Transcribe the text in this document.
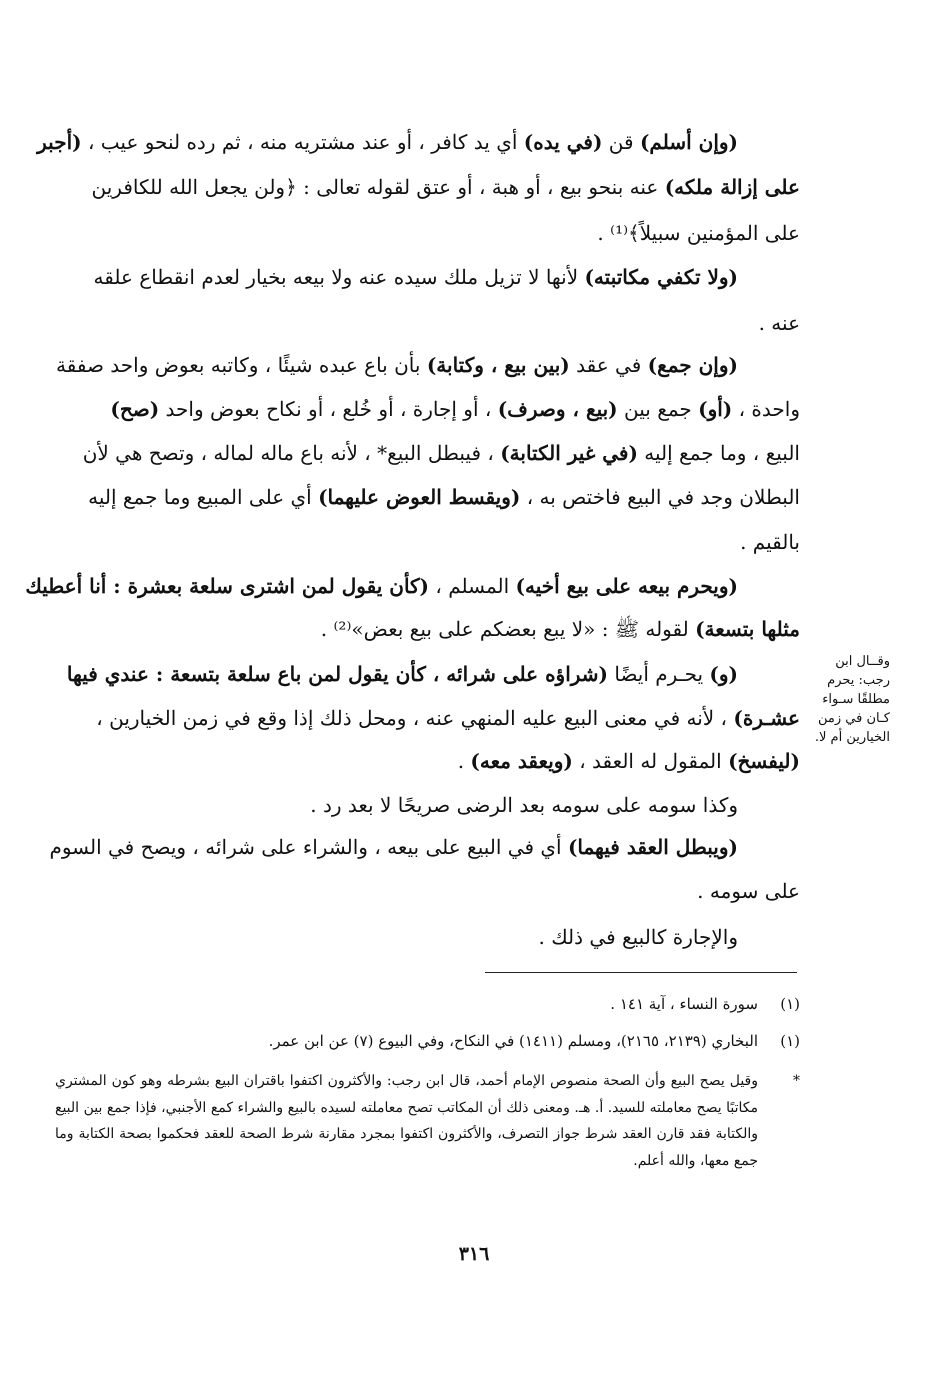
(وإن أسلم) قن (في يده) أي يد كافر ، أو عند مشتريه منه ، ثم رده لنحو عيب ، (أجبر
على إزالة ملكه) عنه بنحو بيع ، أو هبة ، أو عتق لقوله تعالى : ﴿ولن يجعل الله للكافرين
على المؤمنين سبيلاً﴾⁽¹⁾ .
(ولا تكفي مكاتبته) لأنها لا تزيل ملك سيده عنه ولا بيعه بخيار لعدم انقطاع علقه
عنه .
(وإن جمع) في عقد (بين بيع ، وكتابة) بأن باع عبده شيئًا ، وكاتبه بعوض واحد صفقة
واحدة ، (أو) جمع بين (بيع ، وصرف) ، أو إجارة ، أو خُلع ، أو نكاح بعوض واحد (صح)
البيع ، وما جمع إليه (في غير الكتابة) ، فيبطل البيع* ، لأنه باع ماله لماله ، وتصح هي لأن
البطلان وجد في البيع فاختص به ، (ويقسط العوض عليهما) أي على المبيع وما جمع إليه
بالقيم .
(ويحرم بيعه على بيع أخيه) المسلم ، (كأن يقول لمن اشترى سلعة بعشرة : أنا أعطيك
مثلها بتسعة) لقوله ﷺ : «لا يبع بعضكم على بيع بعض»⁽²⁾ .
(و) يحـرم أيضًا (شراؤه على شرائه ، كأن يقول لمن باع سلعة بتسعة : عندي فيها
عشـرة) ، لأنه في معنى البيع عليه المنهي عنه ، ومحل ذلك إذا وقع في زمن الخيارين ،
(ليفسخ) المقول له العقد ، (ويعقد معه) .
وكذا سومه على سومه بعد الرضى صريحًا لا بعد رد .
(ويبطل العقد فيهما) أي في البيع على بيعه ، والشراء على شرائه ، ويصح في السوم
على سومه .
والإجارة كالبيع في ذلك .
وقــال ابن رجب: يحرم مطلقًا سـواء كـان في زمن الخيارين أم لا.
(١)سورة النساء ، آية ١٤١ .
(١)البخاري (٢١٣٩، ٢١٦٥)، ومسلم (١٤١١) في النكاح، وفي البيوع (٧) عن ابن عمر.
*
وقيل يصح البيع وأن الصحة منصوص الإمام أحمد، قال ابن رجب: والأكثرون اكتفوا باقتران البيع بشرطه وهو كون المشتري مكاتبًا يصح معاملته للسيد. أ. هـ. ومعنى ذلك أن المكاتب تصح معاملته لسيده بالبيع والشراء كمع الأجنبي، فإذا جمع بين البيع والكتابة فقد قارن العقد شرط جواز التصرف، والأكثرون اكتفوا بمجرد مقارنة شرط الصحة للعقد فحكموا بصحة الكتابة وما جمع معها، والله أعلم.
٣١٦
